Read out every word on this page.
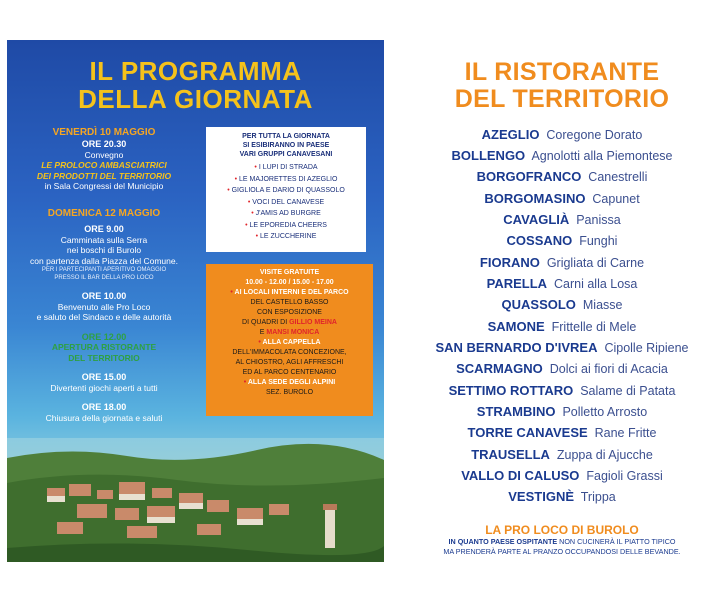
IL PROGRAMMA
DELLA GIORNATA
VENERDÌ 10 MAGGIO
ORE 20.30
Convegno
LE PROLOCO AMBASCIATRICI
DEI PRODOTTI DEL TERRITORIO
in Sala Congressi del Municipio
DOMENICA 12 MAGGIO
ORE 9.00
Camminata sulla Serra
nei boschi di Burolo
con partenza dalla Piazza del Comune.
PER I PARTECIPANTI APERITIVO OMAGGIO
PRESSO IL BAR DELLA PRO LOCO
ORE 10.00
Benvenuto alle Pro Loco
e saluto del Sindaco e delle autorità
ORE 12.00
APERTURA RISTORANTE
DEL TERRITORIO
ORE 15.00
Divertenti giochi aperti a tutti
ORE 18.00
Chiusura della giornata e saluti
PER TUTTA LA GIORNATA
SI ESIBIRANNO IN PAESE
VARI GRUPPI CANAVESANI
• I LUPI DI STRADA
• LE MAJORETTES DI AZEGLIO
• GIGLIOLA E DARIO DI QUASSOLO
• VOCI DEL CANAVESE
• J'AMIS AD BURGRE
• LE EPOREDIA CHEERS
• LE ZUCCHERINE
VISITE GRATUITE
10.00 - 12.00 / 15.00 - 17.00
• AI LOCALI INTERNI E DEL PARCO
DEL CASTELLO BASSO
CON ESPOSIZIONE
DI QUADRI DI GILLIO MEINA
E MANSI MONICA
• ALLA CAPPELLA
DELL'IMMACOLATA CONCEZIONE,
AL CHIOSTRO, AGLI AFFRESCHI
ED AL PARCO CENTENARIO
• ALLA SEDE DEGLI ALPINI
SEZ. BUROLO
IL RISTORANTE
DEL TERRITORIO
AZEGLIO Coregone Dorato
BOLLENGO Agnolotti alla Piemontese
BORGOFRANCO Canestrelli
BORGOMASINO Capunet
CAVAGLIÀ Panissa
COSSANO Funghi
FIORANO Grigliata di Carne
PARELLA Carni alla Losa
QUASSOLO Miasse
SAMONE Frittelle di Mele
SAN BERNARDO D'IVREA Cipolle Ripiene
SCARMAGNO Dolci ai fiori di Acacia
SETTIMO ROTTARO Salame di Patata
STRAMBINO Polletto Arrosto
TORRE CANAVESE Rane Fritte
TRAUSELLA Zuppa di Ajucche
VALLO DI CALUSO Fagioli Grassi
VESTIGNÈ Trippa
LA PRO LOCO DI BUROLO
IN QUANTO PAESE OSPITANTE NON CUCINERÀ IL PIATTO TIPICO
MA PRENDERÀ PARTE AL PRANZO OCCUPANDOSI DELLE BEVANDE.
